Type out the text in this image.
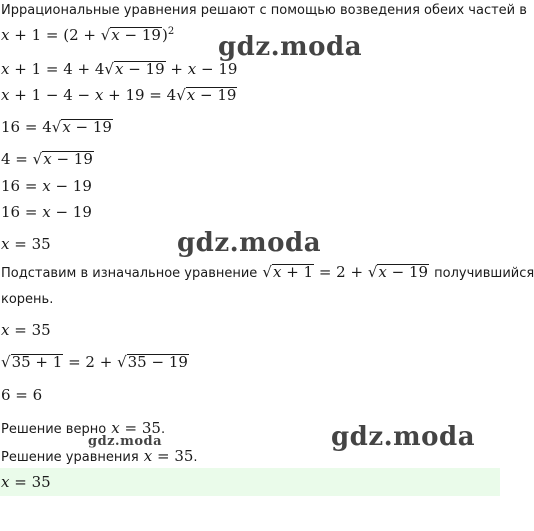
Иррациональные уравнения решают с помощью возведения обеих частей в
$x + 1 = (2 + √x - 19)^2$
gdz.moda
x + 1 = 4 + 4√x − 19 + x − 19
x + 1 − 4 − x + 19 = 4√x − 19
16 = 4√x − 19
4 = √x − 19
16 = x − 19
16 = x − 19
x = 35	gdz.moda
Подставим в изначальное уравнение √x + 1 = 2 + √x − 19 получившийся
корень.
x = 35
√35 + 1 = 2 + √35 − 19
6 = 6
Решение верно x = 35.
gdz.moda
Решение уравнения x = 35.
gdz.moda
x = 35
